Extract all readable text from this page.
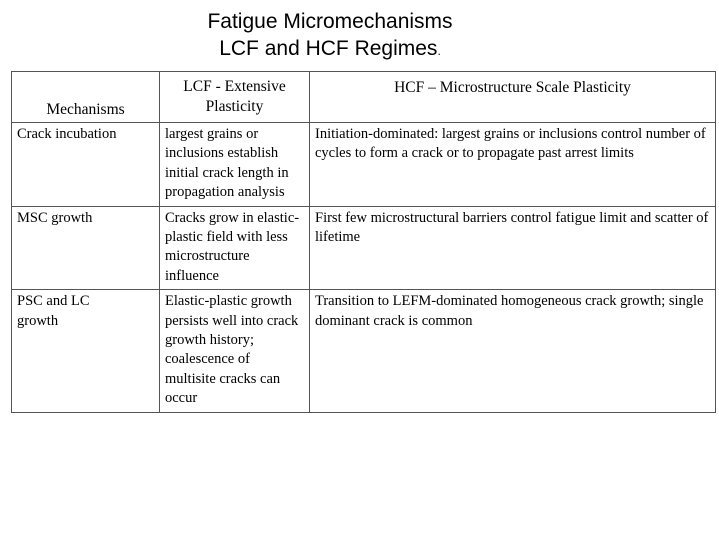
Fatigue Micromechanisms
LCF and HCF Regimes.
Mechanisms	LCF - Extensive Plasticity	HCF – Microstructure Scale Plasticity
Crack incubation	largest grains or inclusions establish initial crack length in propagation analysis	Initiation-dominated: largest grains or inclusions control number of cycles to form a crack or to propagate past arrest limits
MSC growth	Cracks grow in elastic-plastic field with less microstructure influence	First few microstructural barriers control fatigue limit and scatter of lifetime

PSC and LC growth	Elastic-plastic growth persists well into crack growth history; coalescence of multisite cracks can occur	Transition to LEFM-dominated homogeneous crack growth; single dominant crack is common
